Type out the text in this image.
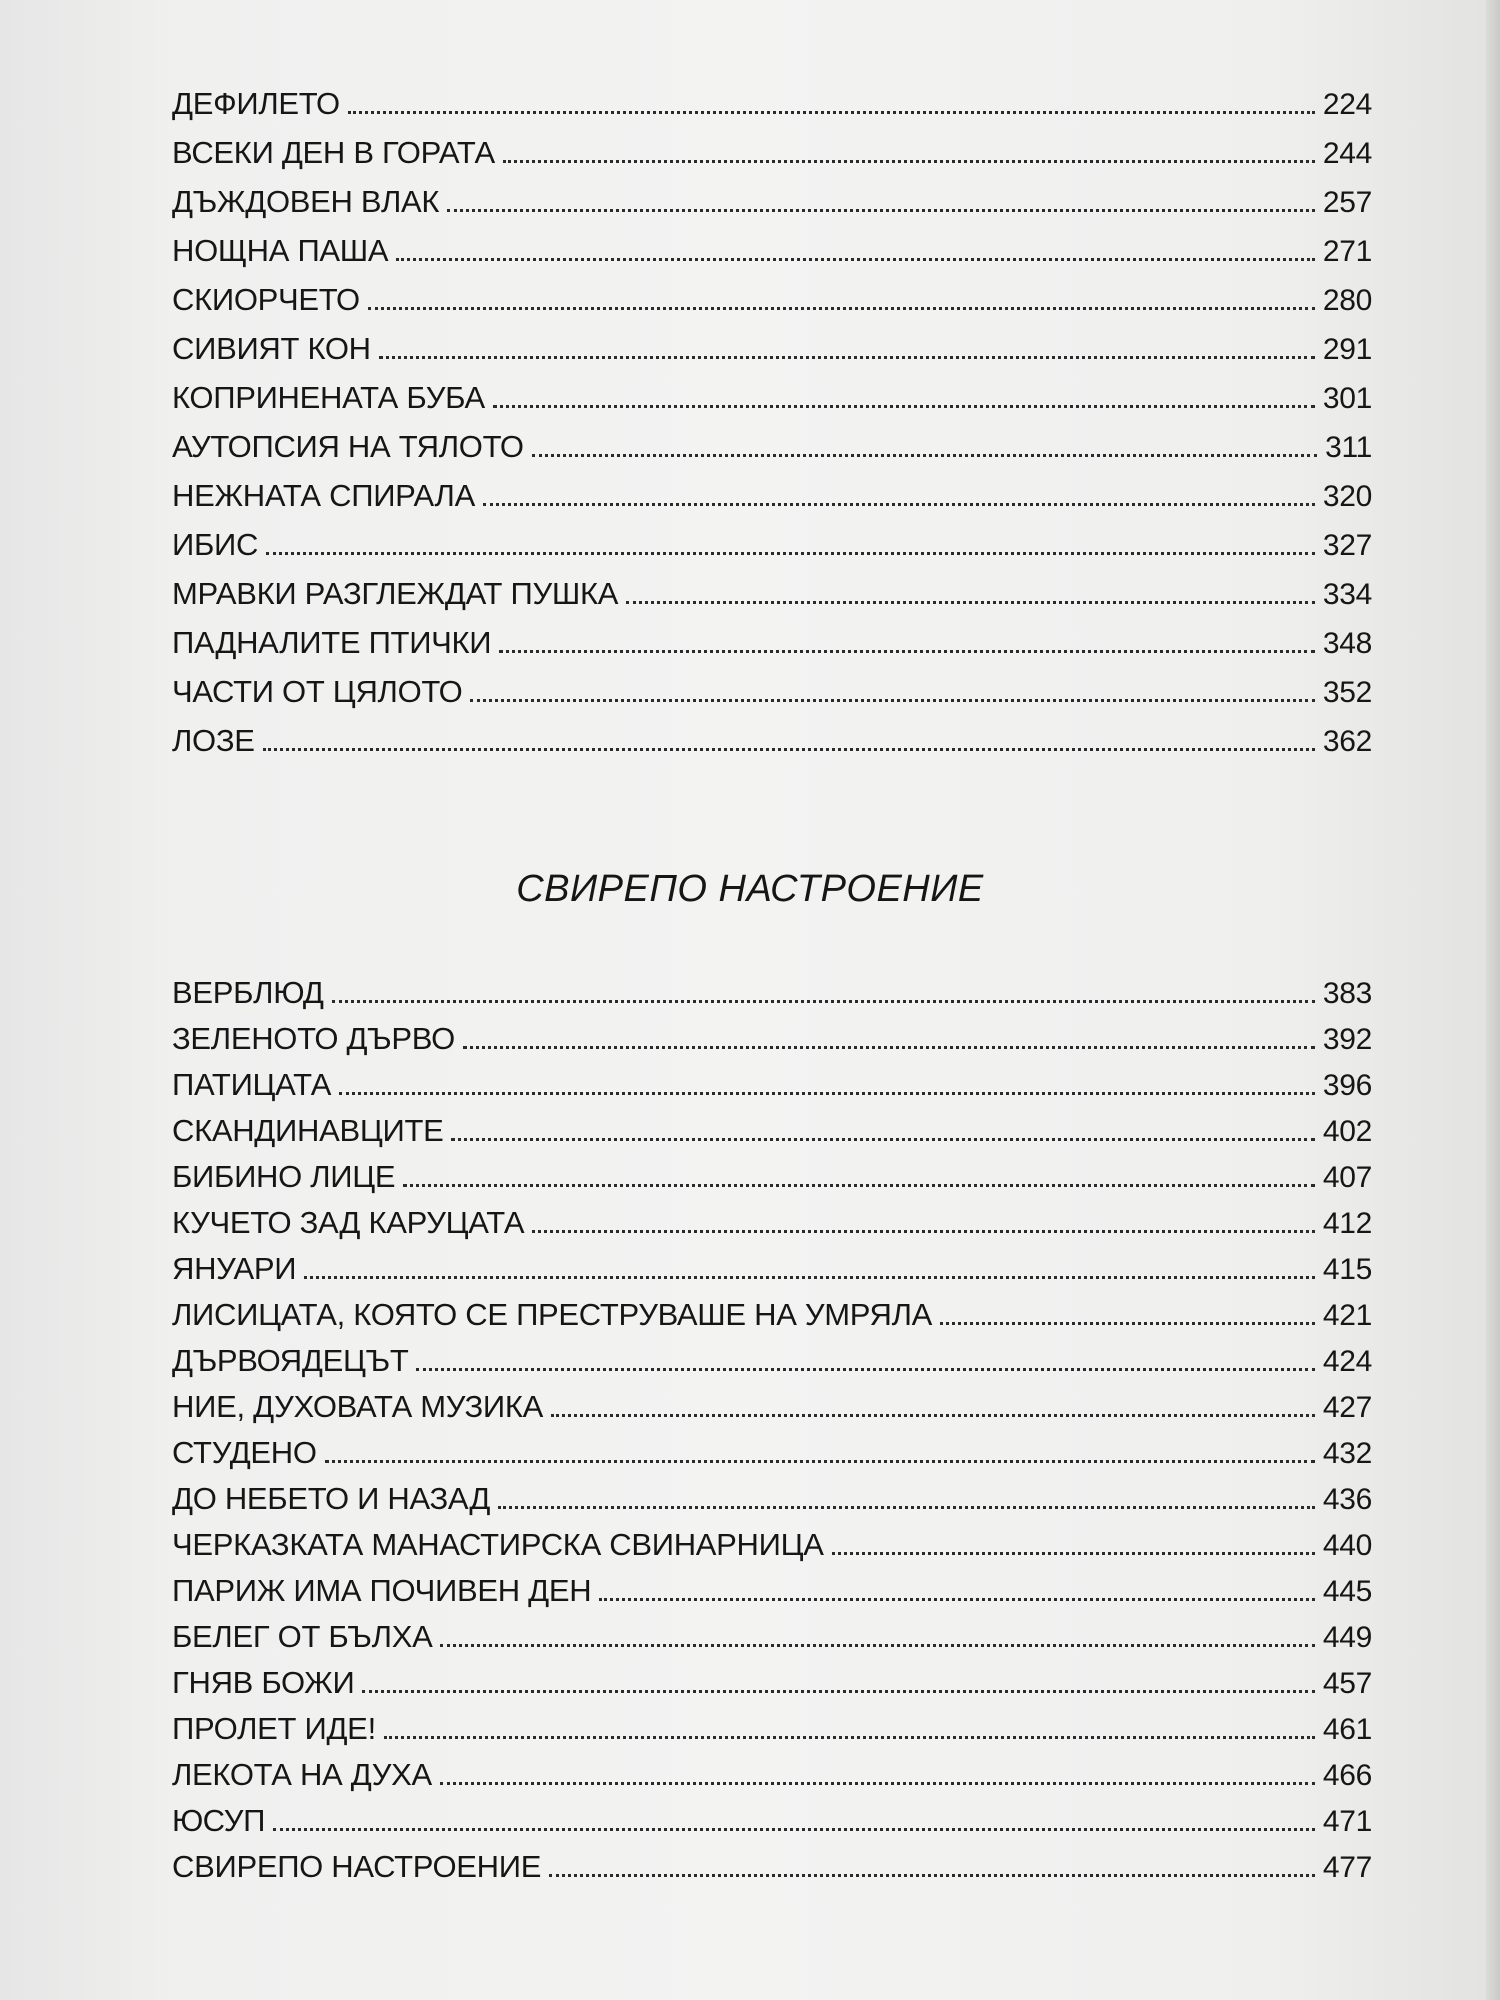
ДЕФИЛЕТО	224
ВСЕКИ ДЕН В ГОРАТА	244
ДЪЖДОВЕН ВЛАК	257
НОЩНА ПАША	271
СКИОРЧЕТО	280
СИВИЯТ КОН	291
КОПРИНЕНАТА БУБА	301
АУТОПСИЯ НА ТЯЛОТО	311
НЕЖНАТА СПИРАЛА	320
ИБИС	327
МРАВКИ РАЗГЛЕЖДАТ ПУШКА	334
ПАДНАЛИТЕ ПТИЧКИ	348
ЧАСТИ ОТ ЦЯЛОТО	352
ЛОЗЕ	362
СВИРЕПО НАСТРОЕНИЕ
ВЕРБЛЮД	383
ЗЕЛЕНОТО ДЪРВО	392
ПАТИЦАТА	396
СКАНДИНАВЦИТЕ	402
БИБИНО ЛИЦЕ	407
КУЧЕТО ЗАД КАРУЦАТА	412
ЯНУАРИ	415
ЛИСИЦАТА, КОЯТО СЕ ПРЕСТРУВАШЕ НА УМРЯЛА	421
ДЪРВОЯДЕЦЪТ	424
НИЕ, ДУХОВАТА МУЗИКА	427
СТУДЕНО	432
ДО НЕБЕТО И НАЗАД	436
ЧЕРКАЗКАТА МАНАСТИРСКА СВИНАРНИЦА	440
ПАРИЖ ИМА ПОЧИВЕН ДЕН	445
БЕЛЕГ ОТ БЪЛХА	449
ГНЯВ БОЖИ	457
ПРОЛЕТ ИДЕ!	461
ЛЕКОТА НА ДУХА	466
ЮСУП	471
СВИРЕПО НАСТРОЕНИЕ	477
